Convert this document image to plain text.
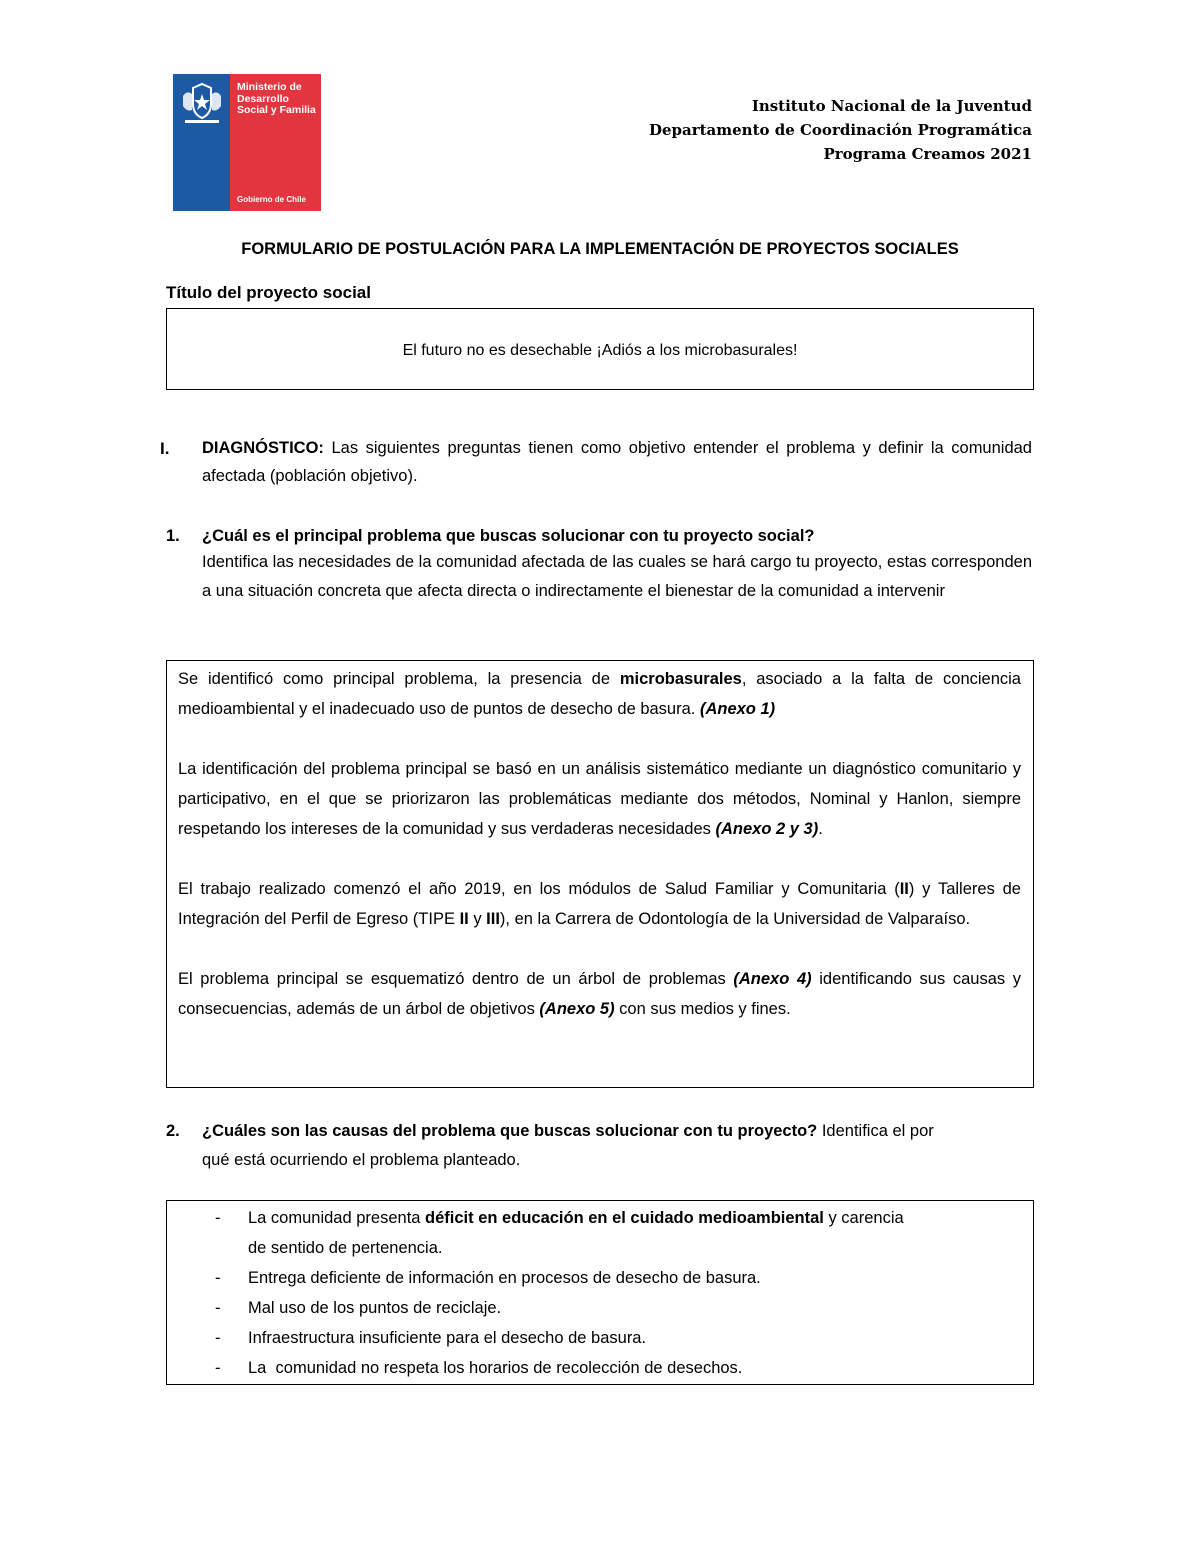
Ministerio de Desarrollo Social y Familia
Gobierno de Chile
Instituto Nacional de la Juventud
Departamento de Coordinación Programática
Programa Creamos 2021
FORMULARIO DE POSTULACIÓN PARA LA IMPLEMENTACIÓN DE PROYECTOS SOCIALES
Título del proyecto social
El futuro no es desechable ¡Adiós a los microbasurales!
I. DIAGNÓSTICO: Las siguientes preguntas tienen como objetivo entender el problema y definir la comunidad afectada (población objetivo).
1. ¿Cuál es el principal problema que buscas solucionar con tu proyecto social?
Identifica las necesidades de la comunidad afectada de las cuales se hará cargo tu proyecto, estas corresponden a una situación concreta que afecta directa o indirectamente el bienestar de la comunidad a intervenir

Se identificó como principal problema, la presencia de microbasurales, asociado a la falta de conciencia medioambiental y el inadecuado uso de puntos de desecho de basura. (Anexo 1)

La identificación del problema principal se basó en un análisis sistemático mediante un diagnóstico comunitario y participativo, en el que se priorizaron las problemáticas mediante dos métodos, Nominal y Hanlon, siempre respetando los intereses de la comunidad y sus verdaderas necesidades (Anexo 2 y 3).

El trabajo realizado comenzó el año 2019, en los módulos de Salud Familiar y Comunitaria (II) y Talleres de Integración del Perfil de Egreso (TIPE II y III), en la Carrera de Odontología de la Universidad de Valparaíso.

El problema principal se esquematizó dentro de un árbol de problemas (Anexo 4) identificando sus causas y consecuencias, además de un árbol de objetivos (Anexo 5) con sus medios y fines.

2. ¿Cuáles son las causas del problema que buscas solucionar con tu proyecto? Identifica el por
qué está ocurriendo el problema planteado.
- La comunidad presenta déficit en educación en el cuidado medioambiental y carencia
de sentido de pertenencia.
- Entrega deficiente de información en procesos de desecho de basura.
- Mal uso de los puntos de reciclaje.
- Infraestructura insuficiente para el desecho de basura.
- La  comunidad no respeta los horarios de recolección de desechos.
